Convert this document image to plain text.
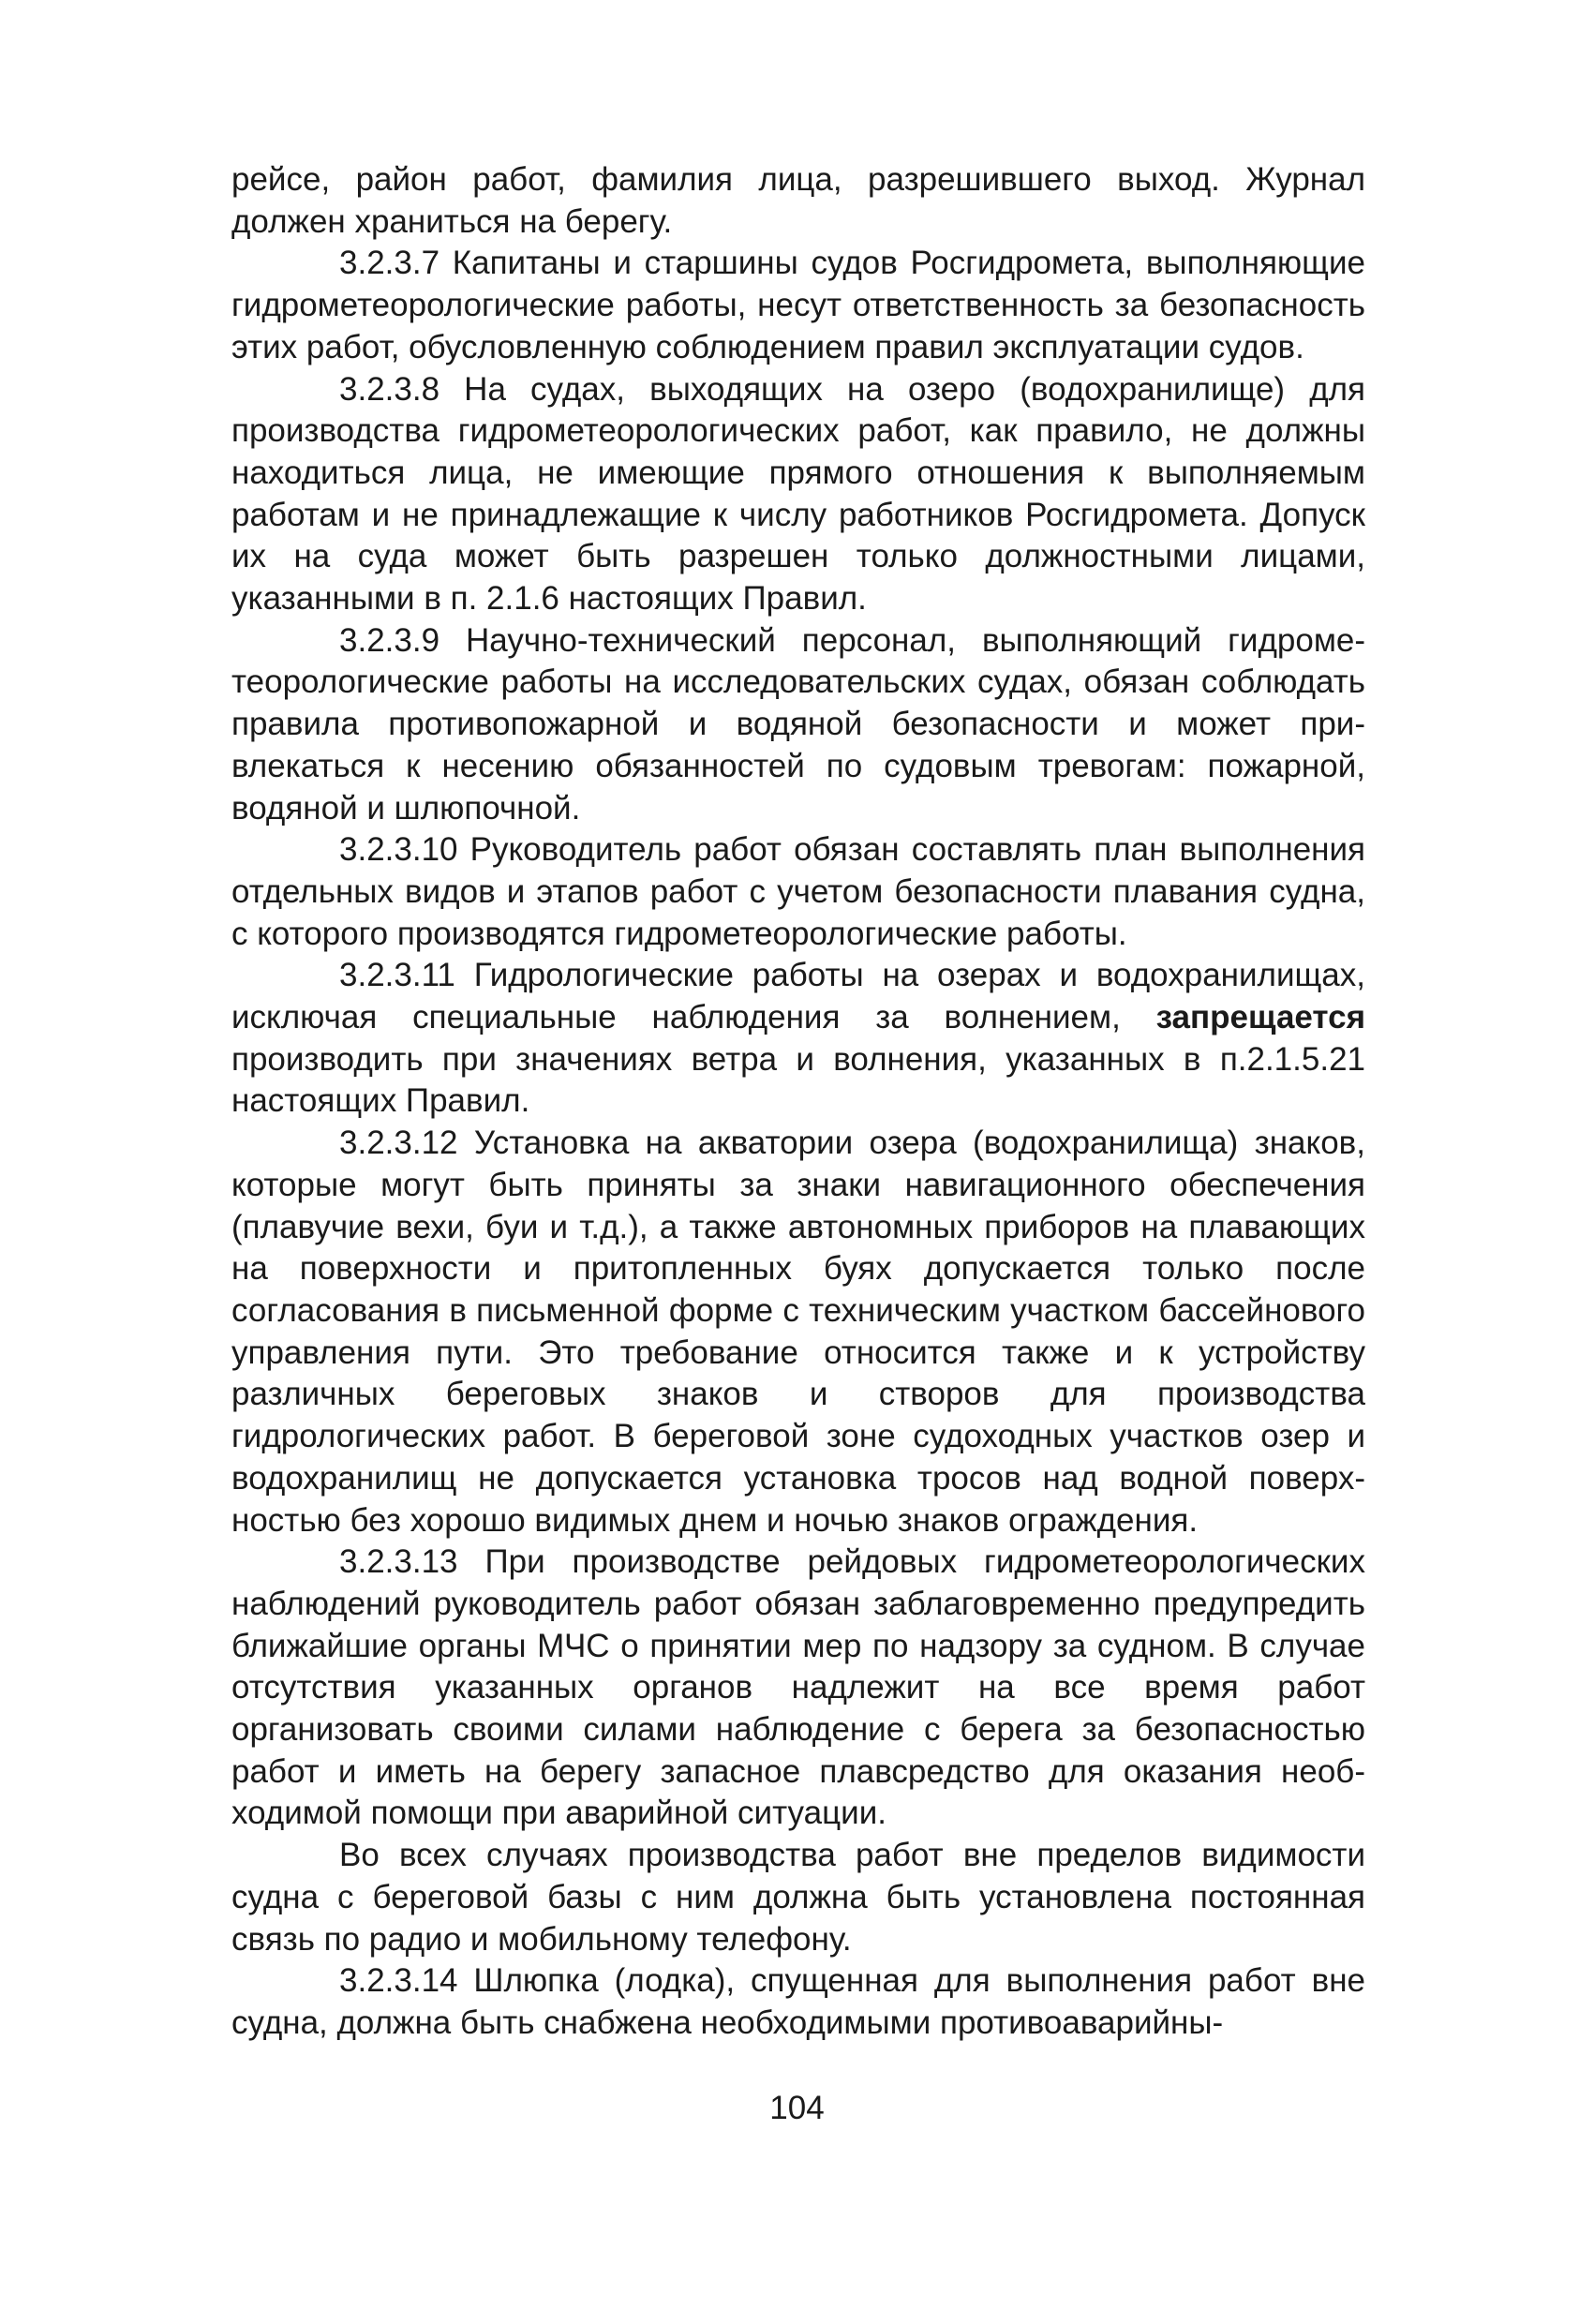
рейсе, район работ, фамилия лица, разрешившего выход. Журнал должен храниться на берегу.

3.2.3.7 Капитаны и старшины судов Росгидромета, выполняющие гидрометеорологические работы, несут ответственность за безопасность этих работ, обусловленную соблюдением правил эксплуатации судов.

3.2.3.8 На судах, выходящих на озеро (водохранилище) для производства гидрометеорологических работ, как правило, не должны находиться лица, не имеющие прямого отношения к выполняемым работам и не принадлежащие к числу работников Росгидромета. Допуск их на суда может быть разрешен только должностными лицами, указанными в п. 2.1.6 настоящих Правил.

3.2.3.9 Научно-технический персонал, выполняющий гидрометеорологические работы на исследовательских судах, обязан соблюдать правила противопожарной и водяной безопасности и может привлекаться к несению обязанностей по судовым тревогам: пожарной, водяной и шлюпочной.

3.2.3.10 Руководитель работ обязан составлять план выполнения отдельных видов и этапов работ с учетом безопасности плавания судна, с которого производятся гидрометеорологические работы.

3.2.3.11 Гидрологические работы на озерах и водохранилищах, исключая специальные наблюдения за волнением, запрещается производить при значениях ветра и волнения, указанных в п.2.1.5.21 настоящих Правил.

3.2.3.12 Установка на акватории озера (водохранилища) знаков, которые могут быть приняты за знаки навигационного обеспечения (плавучие вехи, буи и т.д.), а также автономных приборов на плавающих на поверхности и притопленных буях допускается только после согласования в письменной форме с техническим участком бассейнового управления пути. Это требование относится также и к устройству различных береговых знаков и створов для производства гидрологических работ. В береговой зоне судоходных участков озер и водохранилищ не допускается установка тросов над водной поверхностью без хорошо видимых днем и ночью знаков ограждения.

3.2.3.13 При производстве рейдовых гидрометеорологических наблюдений руководитель работ обязан заблаговременно предупредить ближайшие органы МЧС о принятии мер по надзору за судном. В случае отсутствия указанных органов надлежит на все время работ организовать своими силами наблюдение с берега за безопасностью работ и иметь на берегу запасное плавсредство для оказания необходимой помощи при аварийной ситуации.

Во всех случаях производства работ вне пределов видимости судна с береговой базы с ним должна быть установлена постоянная связь по радио и мобильному телефону.

3.2.3.14 Шлюпка (лодка), спущенная для выполнения работ вне судна, должна быть снабжена необходимыми противоаварийны-

104
